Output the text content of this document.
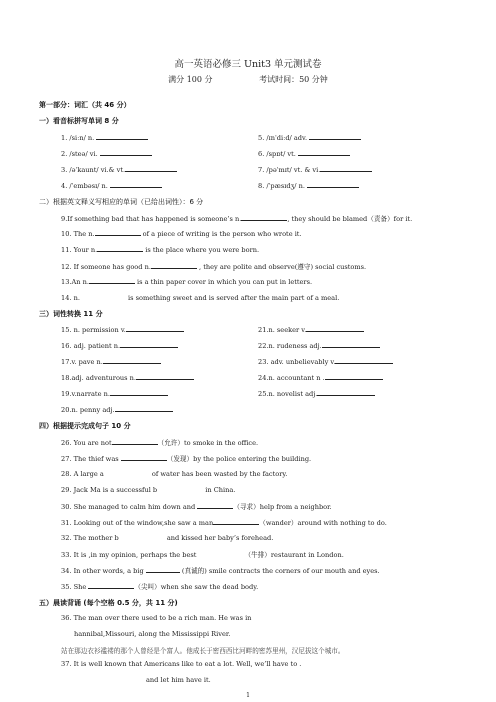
高一英语必修三 Unit3 单元测试卷
满分 100 分	考试时间：50 分钟
第一部分：词汇（共 46 分）
一）看音标拼写单词 8 分
1. /siːn/ n.
2. /steə/ vi.
3. /əˈkaunt/ vi.& vt.
4. /ˈembəsɪ/ n.
5. /ɪnˈdiːd/ adv.
6. /spɒt/ vt.
7. /pəˈmɪt/ vt. & vi.
8. /ˈpæsɪdʒ/ n.
二）根据英文释义写相应的单词（已给出词性）：6 分
9.If something bad that has happened is someone’s n.	, they should be blamed（责备）for it.
10. The n.	of a piece of writing is the person who wrote it.
11. Your n.	is the place where you were born.
12. If someone has good n.	, they are polite and observe(遵守) social customs.
13.An n.	is a thin paper cover in which you can put in letters.
14. n.	is something sweet and is served after the main part of a meal.
三）词性转换 11 分
15. n. permission v.
16. adj. patient n.
17.v. pave n.
18.adj. adventurous n.
19.v.narrate n.
20.n. penny adj.
21.n. seeker v.
22.n. rudeness adj.
23. adv. unbelievably v.
24.n. accountant n .
25.n. novelist adj.
四）根据提示完成句子 10 分
26. You are not	（允许）to smoke in the office.
27. The thief was	（发现）by the police entering the building.
28. A large a	of water has been wasted by the factory.
29. Jack Ma is a successful b	in China.
30. She managed to calm him down and	（寻求）help from a neighbor.
31. Looking out of the window,she saw a man	（wander）around with nothing to do.
32. The mother b	and kissed her baby’s forehead.
33. It is ,in my opinion, perhaps the best	（牛排）restaurant in London.
34. In other words, a big	(真诚的) smile contracts the corners of our mouth and eyes.
35. She	（尖叫）when she saw the dead body.
五）晨读背诵 (每个空格 0.5 分，共 11 分)
36. The man over there used to be a rich man. He was in
hannibal,Missouri, along the Mississippi River.
站在那边衣衫褴褛的那个人曾经是个富人。他成长于密西西比河畔的密苏里州，汉尼拔这个城市。
37. It is well known that Americans like to eat a lot. Well, we’ll have to .
and let him have it.
1
